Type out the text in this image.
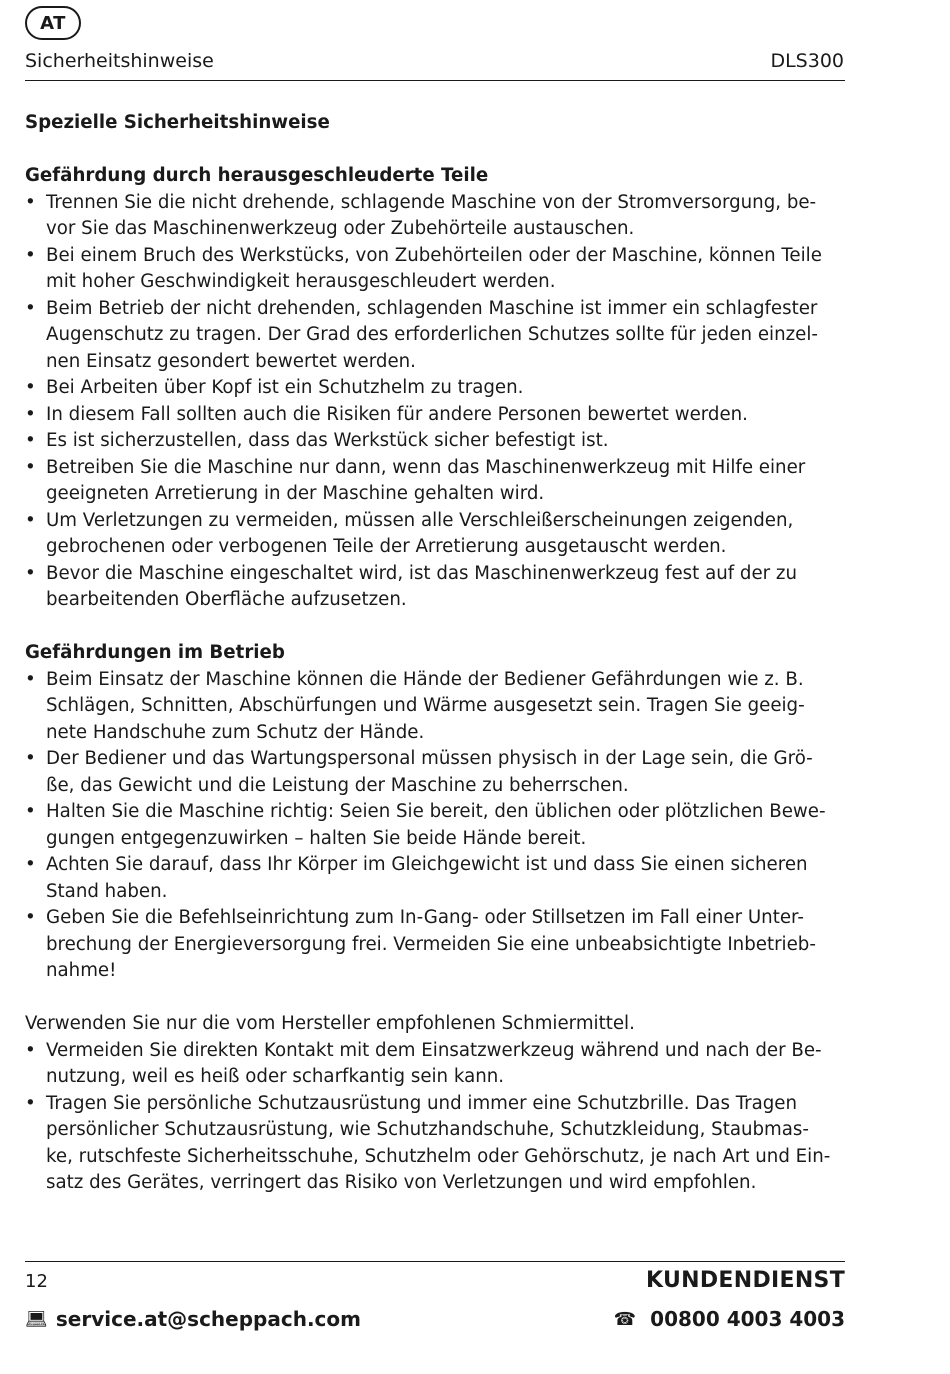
AT
Sicherheitshinweise	DLS300
Spezielle Sicherheitshinweise
Gefährdung durch herausgeschleuderte Teile
• Trennen Sie die nicht drehende, schlagende Maschine von der Stromversorgung, be-
vor Sie das Maschinenwerkzeug oder Zubehörteile austauschen.
• Bei einem Bruch des Werkstücks, von Zubehörteilen oder der Maschine, können Teile
mit hoher Geschwindigkeit herausgeschleudert werden.
• Beim Betrieb der nicht drehenden, schlagenden Maschine ist immer ein schlagfester
Augenschutz zu tragen. Der Grad des erforderlichen Schutzes sollte für jeden einzel-
nen Einsatz gesondert bewertet werden.
• Bei Arbeiten über Kopf ist ein Schutzhelm zu tragen.
• In diesem Fall sollten auch die Risiken für andere Personen bewertet werden.
• Es ist sicherzustellen, dass das Werkstück sicher befestigt ist.
• Betreiben Sie die Maschine nur dann, wenn das Maschinenwerkzeug mit Hilfe einer
geeigneten Arretierung in der Maschine gehalten wird.
• Um Verletzungen zu vermeiden, müssen alle Verschleißerscheinungen zeigenden,
gebrochenen oder verbogenen Teile der Arretierung ausgetauscht werden.
• Bevor die Maschine eingeschaltet wird, ist das Maschinenwerkzeug fest auf der zu
bearbeitenden Oberfläche aufzusetzen.
Gefährdungen im Betrieb
• Beim Einsatz der Maschine können die Hände der Bediener Gefährdungen wie z. B.
Schlägen, Schnitten, Abschürfungen und Wärme ausgesetzt sein. Tragen Sie geeig-
nete Handschuhe zum Schutz der Hände.
• Der Bediener und das Wartungspersonal müssen physisch in der Lage sein, die Grö-
ße, das Gewicht und die Leistung der Maschine zu beherrschen.
• Halten Sie die Maschine richtig: Seien Sie bereit, den üblichen oder plötzlichen Bewe-
gungen entgegenzuwirken – halten Sie beide Hände bereit.
• Achten Sie darauf, dass Ihr Körper im Gleichgewicht ist und dass Sie einen sicheren
Stand haben.
• Geben Sie die Befehlseinrichtung zum In-Gang- oder Stillsetzen im Fall einer Unter-
brechung der Energieversorgung frei. Vermeiden Sie eine unbeabsichtigte Inbetrieb-
nahme!

Verwenden Sie nur die vom Hersteller empfohlenen Schmiermittel.

• Vermeiden Sie direkten Kontakt mit dem Einsatzwerkzeug während und nach der Be-
nutzung, weil es heiß oder scharfkantig sein kann.
• Tragen Sie persönliche Schutzausrüstung und immer eine Schutzbrille. Das Tragen
persönlicher Schutzausrüstung, wie Schutzhandschuhe, Schutzkleidung, Staubmas-
ke, rutschfeste Sicherheitsschuhe, Schutzhelm oder Gehörschutz, je nach Art und Ein-
satz des Gerätes, verringert das Risiko von Verletzungen und wird empfohlen.
12	KUNDENDIENST
💻︎ service.at@scheppach.com	☎ 00800 4003 4003
